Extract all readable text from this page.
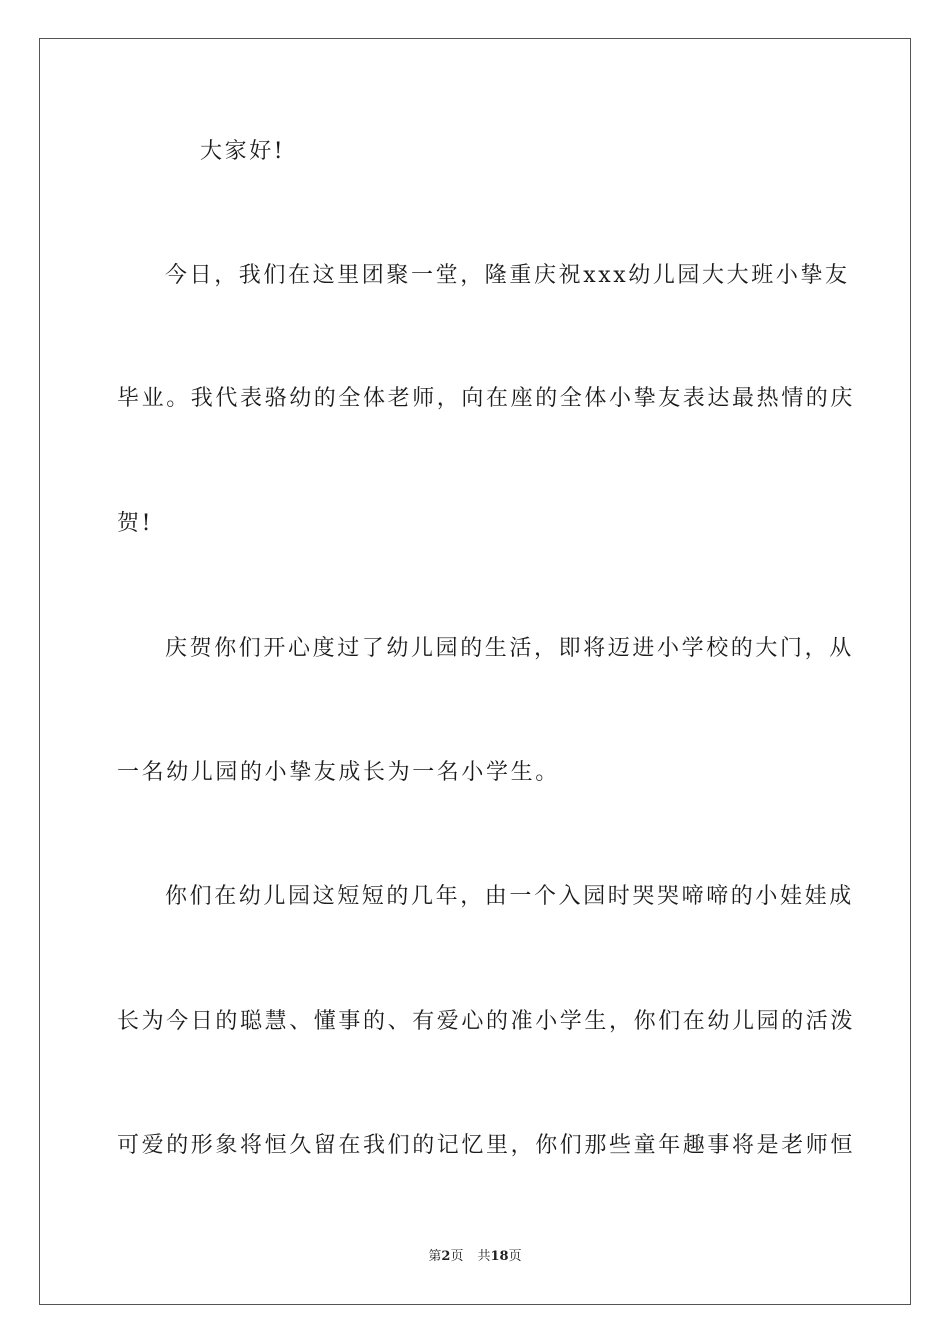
大家好!
今日，我们在这里团聚一堂，隆重庆祝xxx幼儿园大大班小挚友
毕业。我代表骆幼的全体老师，向在座的全体小挚友表达最热情的庆
贺!
庆贺你们开心度过了幼儿园的生活，即将迈进小学校的大门，从
一名幼儿园的小挚友成长为一名小学生。
你们在幼儿园这短短的几年，由一个入园时哭哭啼啼的小娃娃成
长为今日的聪慧、懂事的、有爱心的准小学生，你们在幼儿园的活泼
可爱的形象将恒久留在我们的记忆里，你们那些童年趣事将是老师恒
第2页 共18页
